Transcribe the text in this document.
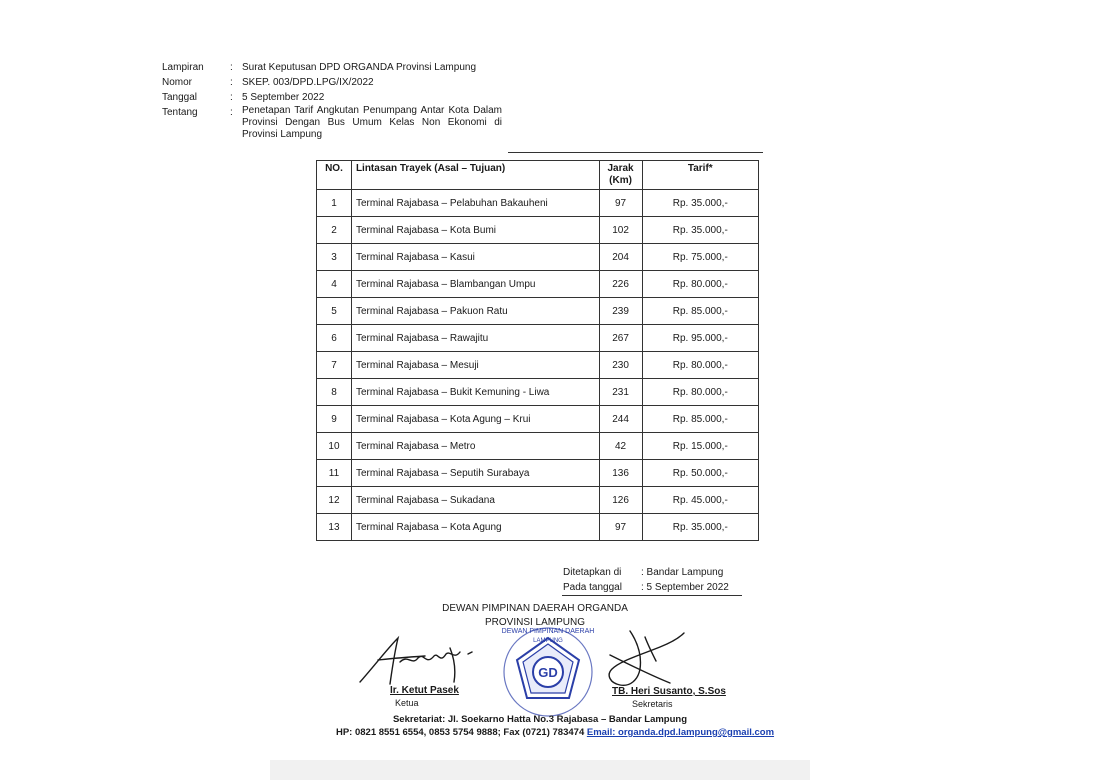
Lampiran	: Surat Keputusan DPD ORGANDA Provinsi Lampung
Nomor	: SKEP. 003/DPD.LPG/IX/2022
Tanggal	: 5 September 2022
Tentang	: Penetapan Tarif Angkutan Penumpang Antar Kota Dalam Provinsi Dengan Bus Umum Kelas Non Ekonomi di Provinsi Lampung
NO.	Lintasan Trayek (Asal – Tujuan)	Jarak (Km)	Tarif*
1	Terminal Rajabasa – Pelabuhan Bakauheni	97	Rp. 35.000,-
2	Terminal Rajabasa – Kota Bumi	102	Rp. 35.000,-
3	Terminal Rajabasa – Kasui	204	Rp. 75.000,-
4	Terminal Rajabasa – Blambangan Umpu	226	Rp. 80.000,-
5	Terminal Rajabasa – Pakuon Ratu	239	Rp. 85.000,-
6	Terminal Rajabasa – Rawajitu	267	Rp. 95.000,-
7	Terminal Rajabasa – Mesuji	230	Rp. 80.000,-
8	Terminal Rajabasa – Bukit Kemuning - Liwa	231	Rp. 80.000,-
9	Terminal Rajabasa – Kota Agung – Krui	244	Rp. 85.000,-
10	Terminal Rajabasa – Metro	42	Rp. 15.000,-
11	Terminal Rajabasa – Seputih Surabaya	136	Rp. 50.000,-
12	Terminal Rajabasa – Sukadana	126	Rp. 45.000,-
13	Terminal Rajabasa – Kota Agung	97	Rp. 35.000,-
Ditetapkan di	: Bandar Lampung
Pada tanggal	: 5 September 2022
DEWAN PIMPINAN DAERAH ORGANDA
PROVINSI LAMPUNG
DEWAN PIMPINAN DAERAH
LAMPUNG
GD
Ir. Ketut Pasek
Ketua
TB. Heri Susanto, S.Sos
Sekretaris
Sekretariat: Jl. Soekarno Hatta No.3 Rajabasa – Bandar Lampung
HP: 0821 8551 6554, 0853 5754 9888; Fax (0721) 783474 Email: organda.dpd.lampung@gmail.com
